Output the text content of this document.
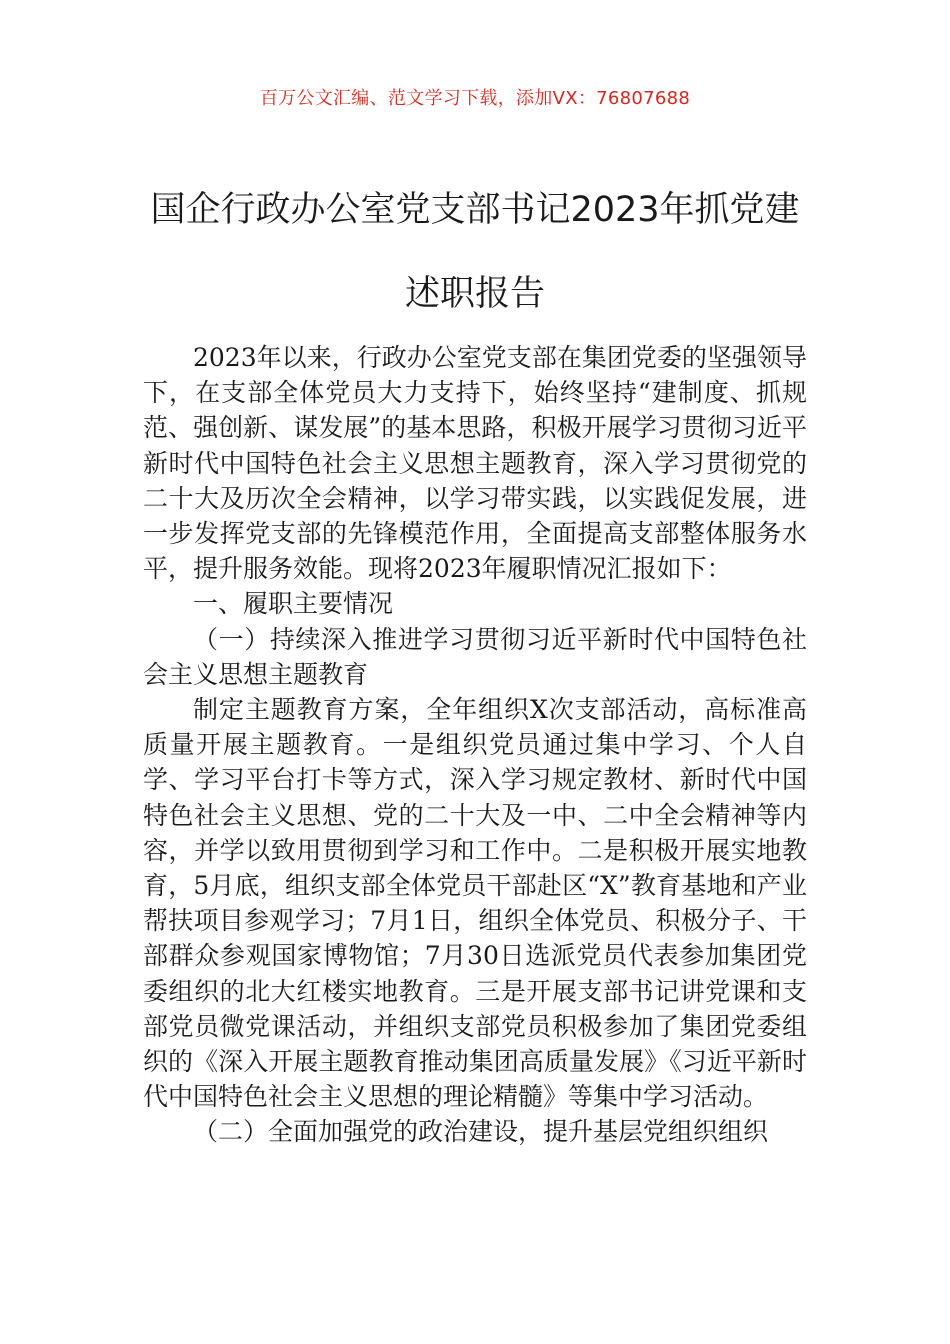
百万公文汇编、范文学习下载，添加VX：76807688
国企行政办公室党支部书记2023年抓党建
述职报告

2023年以来，行政办公室党支部在集团党委的坚强领导下，在支部全体党员大力支持下，始终坚持“建制度、抓规范、强创新、谋发展”的基本思路，积极开展学习贯彻习近平新时代中国特色社会主义思想主题教育，深入学习贯彻党的二十大及历次全会精神，以学习带实践，以实践促发展，进一步发挥党支部的先锋模范作用，全面提高支部整体服务水平，提升服务效能。现将2023年履职情况汇报如下：

一、履职主要情况

（一）持续深入推进学习贯彻习近平新时代中国特色社会主义思想主题教育

制定主题教育方案，全年组织X次支部活动，高标准高质量开展主题教育。一是组织党员通过集中学习、个人自学、学习平台打卡等方式，深入学习规定教材、新时代中国特色社会主义思想、党的二十大及一中、二中全会精神等内容，并学以致用贯彻到学习和工作中。二是积极开展实地教育，5月底，组织支部全体党员干部赴区“X”教育基地和产业帮扶项目参观学习；7月1日，组织全体党员、积极分子、干部群众参观国家博物馆；7月30日选派党员代表参加集团党委组织的北大红楼实地教育。三是开展支部书记讲党课和支部党员微党课活动，并组织支部党员积极参加了集团党委组织的《深入开展主题教育推动集团高质量发展》《习近平新时代中国特色社会主义思想的理论精髓》等集中学习活动。

（二）全面加强党的政治建设，提升基层党组织组织
